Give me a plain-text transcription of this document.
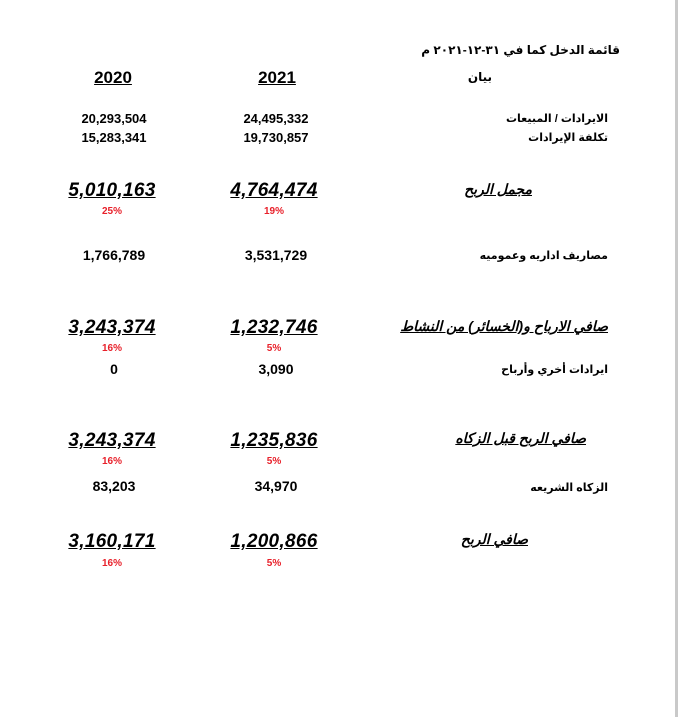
قائمة الدخل كما في ٣١-١٢-٢٠٢١ م
بيان
2020	2021
20,293,504	24,495,332	الايرادات / المبيعات
15,283,341	19,730,857	تكلفة الإيرادات
5,010,163	4,764,474	مجمل الربح
25%	19%
1,766,789	3,531,729	مصاريف اداريه وعموميه
3,243,374	1,232,746	صافي الارباح و(الخسائر) من النشاط
16%	5%
0	3,090	ايرادات أخري وأرباح
3,243,374	1,235,836	صافي الربح قبل الزكاه
16%	5%
83,203	34,970	الزكاه الشريعه
3,160,171	1,200,866	صافي الربح
16%	5%
